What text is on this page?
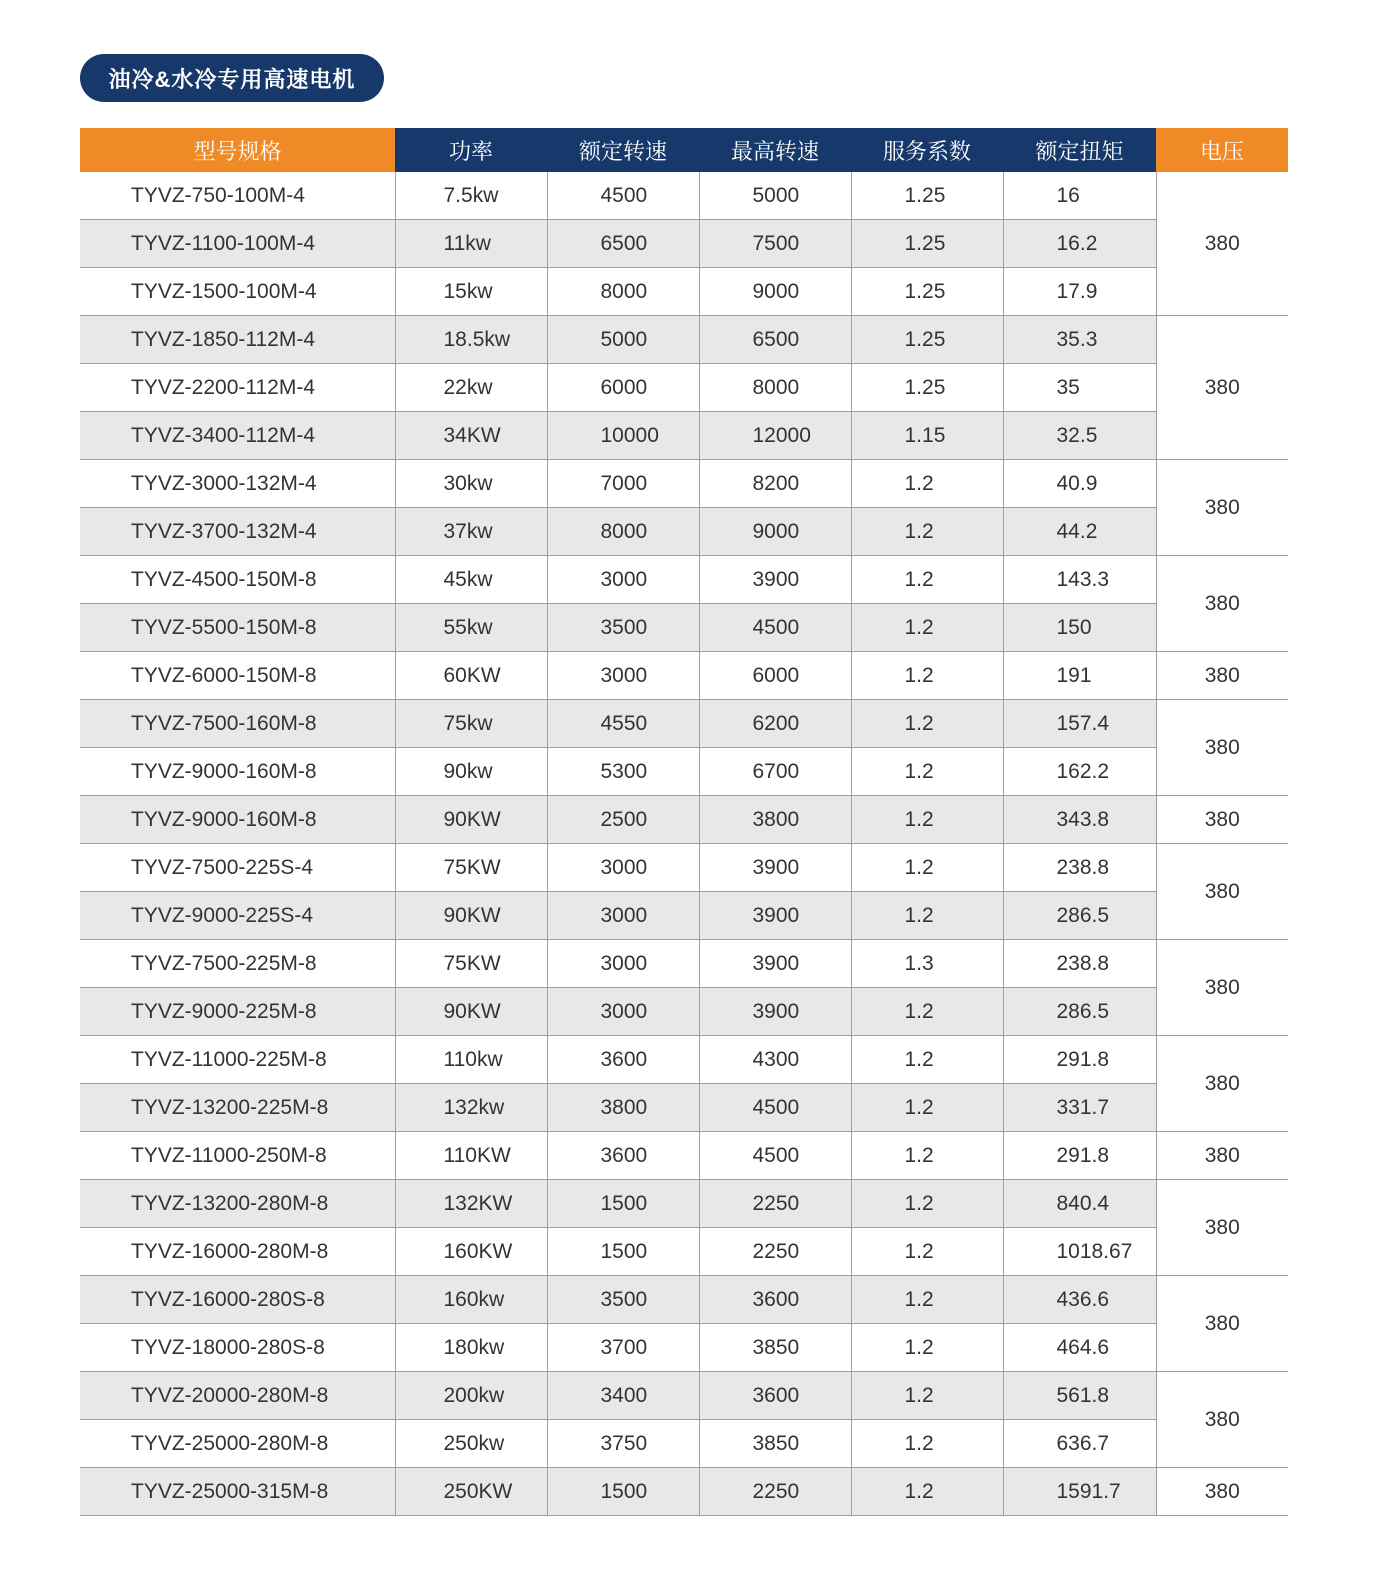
油冷&水冷专用高速电机
型号规格	功率	额定转速	最高转速	服务系数	额定扭矩	电压
TYVZ-750-100M-4	7.5kw	4500	5000	1.25	16	380
TYVZ-1100-100M-4	11kw	6500	7500	1.25	16.2	
TYVZ-1500-100M-4	15kw	8000	9000	1.25	17.9	
TYVZ-1850-112M-4	18.5kw	5000	6500	1.25	35.3	380
TYVZ-2200-112M-4	22kw	6000	8000	1.25	35	
TYVZ-3400-112M-4	34KW	10000	12000	1.15	32.5	
TYVZ-3000-132M-4	30kw	7000	8200	1.2	40.9	380
TYVZ-3700-132M-4	37kw	8000	9000	1.2	44.2	
TYVZ-4500-150M-8	45kw	3000	3900	1.2	143.3	380
TYVZ-5500-150M-8	55kw	3500	4500	1.2	150	
TYVZ-6000-150M-8	60KW	3000	6000	1.2	191	380
TYVZ-7500-160M-8	75kw	4550	6200	1.2	157.4	380
TYVZ-9000-160M-8	90kw	5300	6700	1.2	162.2	
TYVZ-9000-160M-8	90KW	2500	3800	1.2	343.8	380
TYVZ-7500-225S-4	75KW	3000	3900	1.2	238.8	380
TYVZ-9000-225S-4	90KW	3000	3900	1.2	286.5	
TYVZ-7500-225M-8	75KW	3000	3900	1.3	238.8	380
TYVZ-9000-225M-8	90KW	3000	3900	1.2	286.5	
TYVZ-11000-225M-8	110kw	3600	4300	1.2	291.8	380
TYVZ-13200-225M-8	132kw	3800	4500	1.2	331.7	
TYVZ-11000-250M-8	110KW	3600	4500	1.2	291.8	380
TYVZ-13200-280M-8	132KW	1500	2250	1.2	840.4	380
TYVZ-16000-280M-8	160KW	1500	2250	1.2	1018.67	
TYVZ-16000-280S-8	160kw	3500	3600	1.2	436.6	380
TYVZ-18000-280S-8	180kw	3700	3850	1.2	464.6	
TYVZ-20000-280M-8	200kw	3400	3600	1.2	561.8	380
TYVZ-25000-280M-8	250kw	3750	3850	1.2	636.7	
TYVZ-25000-315M-8	250KW	1500	2250	1.2	1591.7	380
